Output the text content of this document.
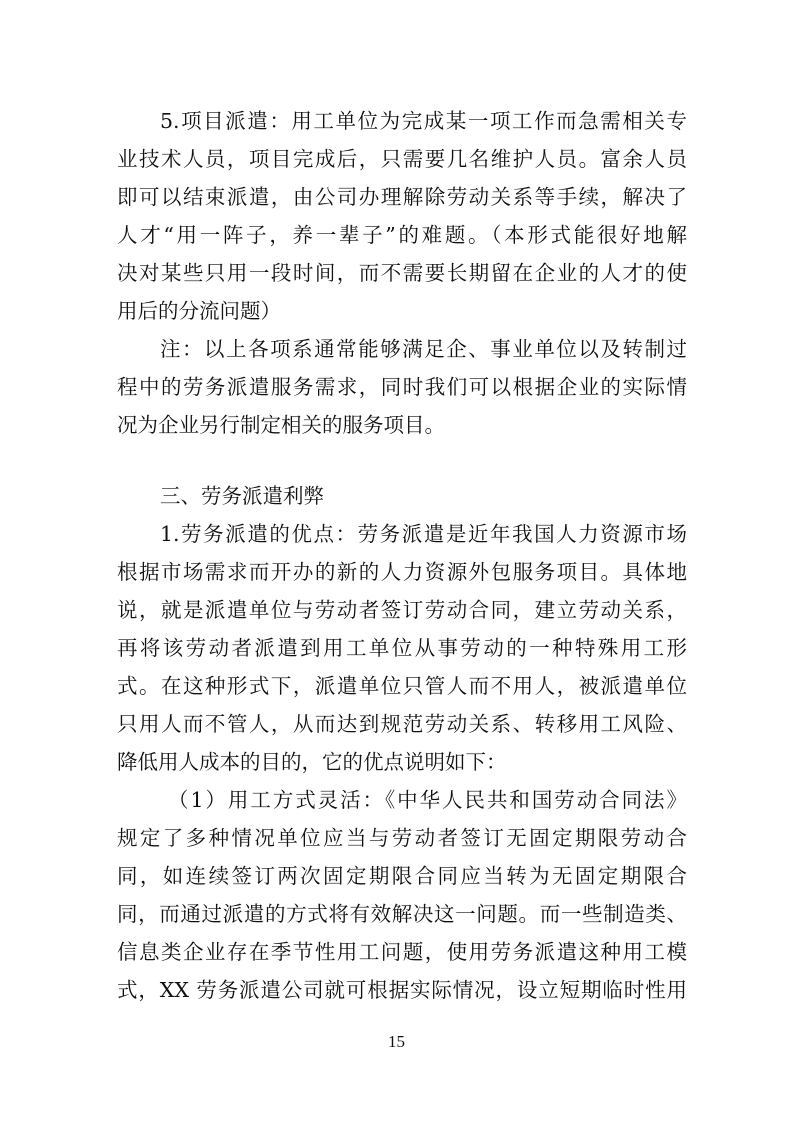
5.项目派遣：用工单位为完成某一项工作而急需相关专
业技术人员，项目完成后，只需要几名维护人员。富余人员
即可以结束派遣，由公司办理解除劳动关系等手续，解决了
人才“用一阵子，养一辈子”的难题。（本形式能很好地解
决对某些只用一段时间，而不需要长期留在企业的人才的使
用后的分流问题）
注：以上各项系通常能够满足企、事业单位以及转制过
程中的劳务派遣服务需求，同时我们可以根据企业的实际情
况为企业另行制定相关的服务项目。
三、劳务派遣利弊
1.劳务派遣的优点：劳务派遣是近年我国人力资源市场
根据市场需求而开办的新的人力资源外包服务项目。具体地
说，就是派遣单位与劳动者签订劳动合同，建立劳动关系，
再将该劳动者派遣到用工单位从事劳动的一种特殊用工形
式。在这种形式下，派遣单位只管人而不用人，被派遣单位
只用人而不管人，从而达到规范劳动关系、转移用工风险、
降低用人成本的目的，它的优点说明如下：
（1）用工方式灵活：《中华人民共和国劳动合同法》
规定了多种情况单位应当与劳动者签订无固定期限劳动合
同，如连续签订两次固定期限合同应当转为无固定期限合
同，而通过派遣的方式将有效解决这一问题。而一些制造类、
信息类企业存在季节性用工问题，使用劳务派遣这种用工模
式，XX 劳务派遣公司就可根据实际情况，设立短期临时性用
15
